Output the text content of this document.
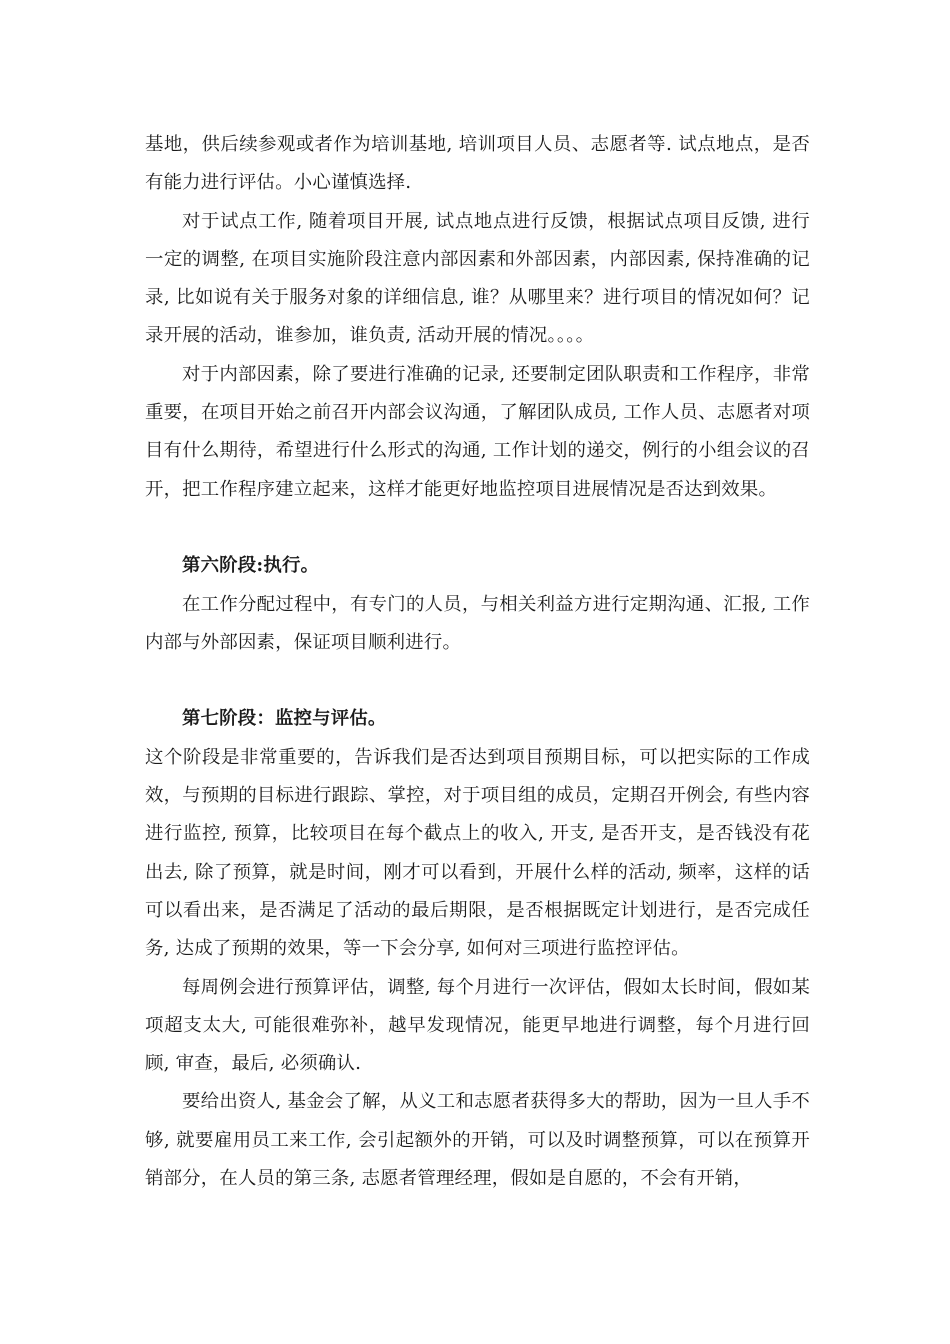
基地，供后续参观或者作为培训基地, 培训项目人员、志愿者等. 试点地点，是否有能力进行评估。小心谨慎选择.

对于试点工作, 随着项目开展, 试点地点进行反馈，根据试点项目反馈, 进行一定的调整, 在项目实施阶段注意内部因素和外部因素，内部因素, 保持准确的记录, 比如说有关于服务对象的详细信息, 谁？从哪里来？进行项目的情况如何？记录开展的活动，谁参加，谁负责, 活动开展的情况。。。。

对于内部因素，除了要进行准确的记录, 还要制定团队职责和工作程序，非常重要，在项目开始之前召开内部会议沟通，了解团队成员, 工作人员、志愿者对项目有什么期待，希望进行什么形式的沟通, 工作计划的递交，例行的小组会议的召开，把工作程序建立起来，这样才能更好地监控项目进展情况是否达到效果。

第六阶段:执行。

在工作分配过程中，有专门的人员，与相关利益方进行定期沟通、汇报, 工作内部与外部因素，保证项目顺利进行。

第七阶段：监控与评估。

这个阶段是非常重要的，告诉我们是否达到项目预期目标，可以把实际的工作成效，与预期的目标进行跟踪、掌控，对于项目组的成员，定期召开例会, 有些内容进行监控, 预算，比较项目在每个截点上的收入, 开支, 是否开支，是否钱没有花出去, 除了预算，就是时间，刚才可以看到，开展什么样的活动, 频率，这样的话可以看出来，是否满足了活动的最后期限，是否根据既定计划进行，是否完成任务, 达成了预期的效果，等一下会分享, 如何对三项进行监控评估。

每周例会进行预算评估，调整, 每个月进行一次评估，假如太长时间，假如某项超支太大, 可能很难弥补，越早发现情况，能更早地进行调整，每个月进行回顾, 审查，最后, 必须确认.

要给出资人, 基金会了解，从义工和志愿者获得多大的帮助，因为一旦人手不够, 就要雇用员工来工作, 会引起额外的开销，可以及时调整预算，可以在预算开销部分，在人员的第三条, 志愿者管理经理，假如是自愿的，不会有开销，
